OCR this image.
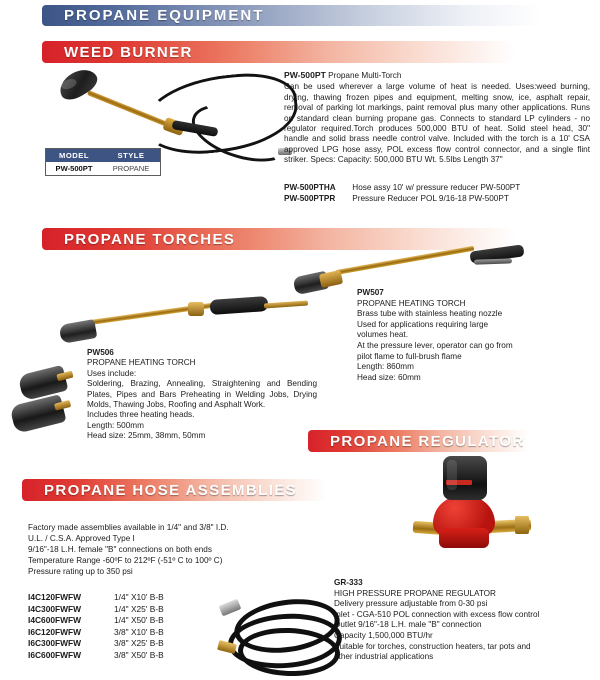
PROPANE EQUIPMENT
WEED BURNER
MODEL	STYLE
PW-500PT	PROPANE
PW-500PT Propane Multi-Torch
Can be used wherever a large volume of heat is needed. Uses:weed burning, drying, thawing frozen pipes and equipment, melting snow, ice, asphalt repair, removal of parking lot markings, paint removal plus many other applications. Runs on standard clean burning propane gas. Connects to standard LP cylinders - no regulator required.Torch produces 500,000 BTU of heat. Solid steel head, 30" handle and solid brass needle control valve. Included with the torch is a 10' CSA approved LPG hose assy, POL excess flow control connector, and a single flint striker. Specs: Capacity: 500,000 BTU Wt. 5.5lbs Length 37"
PW-500PTHA Hose assy 10' w/ pressure reducer PW-500PT
PW-500PTPR Pressure Reducer POL 9/16-18 PW-500PT
PROPANE TORCHES
PW507
PROPANE HEATING TORCH
Brass tube with stainless heating nozzle
Used for applications requiring large
volumes heat.
At the pressure lever, operator can go from
pilot flame to full-brush flame
Length: 860mm
Head size: 60mm
PW506
PROPANE HEATING TORCH
Uses include:
Soldering, Brazing, Annealing, Straightening and Bending Plates, Pipes and Bars Preheating in Welding Jobs, Drying Molds, Thawing Jobs, Roofing and Asphalt Work.
Includes three heating heads.
Length: 500mm
Head size: 25mm, 38mm, 50mm	PROPANE REGULATOR
GR-333
HIGH PRESSURE PROPANE REGULATOR
Delivery pressure adjustable from 0-30 psi
Inlet - CGA-510 POL connection with excess flow control
Outlet 9/16"-18 L.H. male "B" connection
Capacity 1,500,000 BTU/hr
Suitable for torches, construction heaters, tar pots and
other industrial applications
PROPANE HOSE ASSEMBLIES
Factory made assemblies available in 1/4" and 3/8" I.D.
U.L. / C.S.A. Approved Type I
9/16"-18 L.H. female "B" connections on both ends
Temperature Range -60ºF to 212ºF (-51º C to 100º C)
Pressure rating up to 350 psi
I4C120FWFW	1/4" X10' B-B
I4C300FWFW	1/4" X25' B-B
I4C600FWFW	1/4" X50' B-B
I6C120FWFW	3/8" X10' B-B
I6C300FWFW	3/8" X25' B-B
I6C600FWFW	3/8" X50' B-B
